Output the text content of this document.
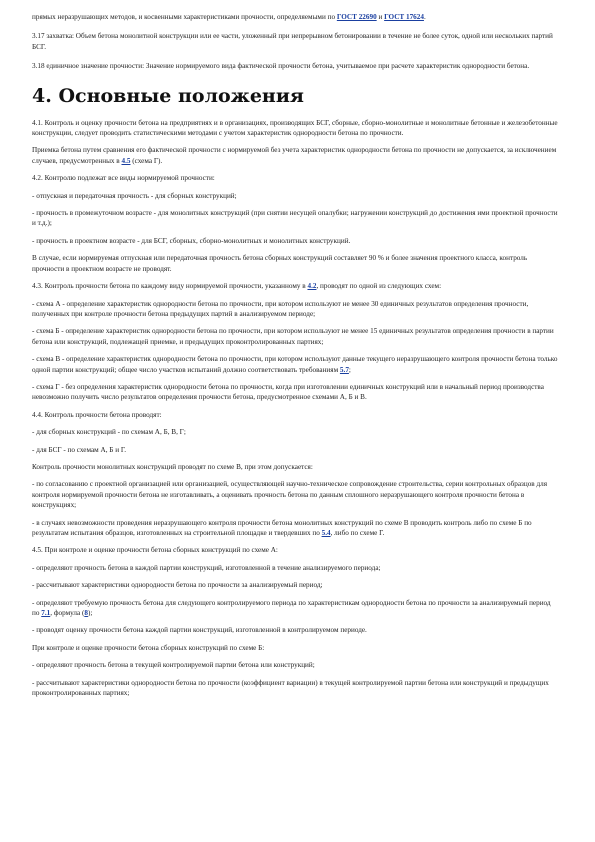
прямых неразрушающих методов, и косвенными характеристиками прочности, определяемыми по ГОСТ 22690 и ГОСТ 17624.

3.17 захватка: Объем бетона монолитной конструкции или ее части, уложенный при непрерывном бетонировании в течение не более суток, одной или нескольких партий БСГ.

3.18 единичное значение прочности: Значение нормируемого вида фактической прочности бетона, учитываемое при расчете характеристик однородности бетона.

4. Основные положения

4.1. Контроль и оценку прочности бетона на предприятиях и в организациях, производящих БСГ, сборные, сборно-монолитные и монолитные бетонные и железобетонные конструкции, следует проводить статистическими методами с учетом характеристик однородности бетона по прочности.

Приемка бетона путем сравнения его фактической прочности с нормируемой без учета характеристик однородности бетона по прочности не допускается, за исключением случаев, предусмотренных в 4.5 (схема Г).

4.2. Контролю подлежат все виды нормируемой прочности:

- отпускная и передаточная прочность - для сборных конструкций;

- прочность в промежуточном возрасте - для монолитных конструкций (при снятии несущей опалубки; нагружении конструкций до достижения ими проектной прочности и т.д.);

- прочность в проектном возрасте - для БСГ, сборных, сборно-монолитных и монолитных конструкций.

В случае, если нормируемая отпускная или передаточная прочность бетона сборных конструкций составляет 90 % и более значения проектного класса, контроль прочности в проектном возрасте не проводят.

4.3. Контроль прочности бетона по каждому виду нормируемой прочности, указанному в 4.2, проводят по одной из следующих схем:

- схема А - определение характеристик однородности бетона по прочности, при котором используют не менее 30 единичных результатов определения прочности, полученных при контроле прочности бетона предыдущих партий в анализируемом периоде;

- схема Б - определение характеристик однородности бетона по прочности, при котором используют не менее 15 единичных результатов определения прочности в партии бетона или конструкций, подлежащей приемке, и предыдущих проконтролированных партиях;

- схема В - определение характеристик однородности бетона по прочности, при котором используют данные текущего неразрушающего контроля прочности бетона только одной партии конструкций; общее число участков испытаний должно соответствовать требованиям 5.7;

- схема Г - без определения характеристик однородности бетона по прочности, когда при изготовлении единичных конструкций или в начальный период производства невозможно получить число результатов определения прочности бетона, предусмотренное схемами А, Б и В.

4.4. Контроль прочности бетона проводят:

- для сборных конструкций - по схемам А, Б, В, Г;

- для БСГ - по схемам А, Б и Г.

Контроль прочности монолитных конструкций проводят по схеме В, при этом допускается:

- по согласованию с проектной организацией или организацией, осуществляющей научно-техническое сопровождение строительства, серии контрольных образцов для контроля нормируемой прочности бетона не изготавливать, а оценивать прочность бетона по данным сплошного неразрушающего контроля прочности бетона в конструкциях;

- в случаях невозможности проведения неразрушающего контроля прочности бетона монолитных конструкций по схеме В проводить контроль либо по схеме Б по результатам испытания образцов, изготовленных на строительной площадке и твердевших по 5.4, либо по схеме Г.

4.5. При контроле и оценке прочности бетона сборных конструкций по схеме А:

- определяют прочность бетона в каждой партии конструкций, изготовленной в течение анализируемого периода;

- рассчитывают характеристики однородности бетона по прочности за анализируемый период;

- определяют требуемую прочность бетона для следующего контролируемого периода по характеристикам однородности бетона по прочности за анализируемый период по 7.1, формула (8);

- проводят оценку прочности бетона каждой партии конструкций, изготовленной в контролируемом периоде.

При контроле и оценке прочности бетона сборных конструкций по схеме Б:

- определяют прочность бетона в текущей контролируемой партии бетона или конструкций;

- рассчитывают характеристики однородности бетона по прочности (коэффициент вариации) в текущей контролируемой партии бетона или конструкций и предыдущих проконтролированных партиях;
